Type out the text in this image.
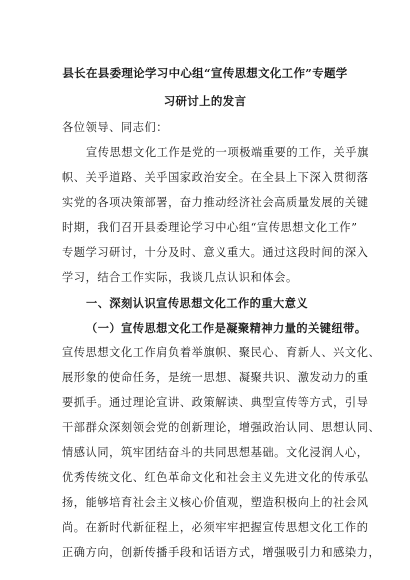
县长在县委理论学习中心组“宣传思想文化工作”专题学
习研讨上的发言
各位领导、同志们：
宣传思想文化工作是党的一项极端重要的工作，关乎旗
帜、关乎道路、关乎国家政治安全。在全县上下深入贯彻落
实党的各项决策部署，奋力推动经济社会高质量发展的关键
时期，我们召开县委理论学习中心组“宣传思想文化工作”
专题学习研讨，十分及时、意义重大。通过这段时间的深入
学习，结合工作实际，我谈几点认识和体会。
一、深刻认识宣传思想文化工作的重大意义
（一）宣传思想文化工作是凝聚精神力量的关键纽带。
宣传思想文化工作肩负着举旗帜、聚民心、育新人、兴文化、
展形象的使命任务，是统一思想、凝聚共识、激发动力的重
要抓手。通过理论宣讲、政策解读、典型宣传等方式，引导
干部群众深刻领会党的创新理论，增强政治认同、思想认同、
情感认同，筑牢团结奋斗的共同思想基础。文化浸润人心，
优秀传统文化、红色革命文化和社会主义先进文化的传承弘
扬，能够培育社会主义核心价值观，塑造积极向上的社会风
尚。在新时代新征程上，必须牢牢把握宣传思想文化工作的
正确方向，创新传播手段和话语方式，增强吸引力和感染力，
